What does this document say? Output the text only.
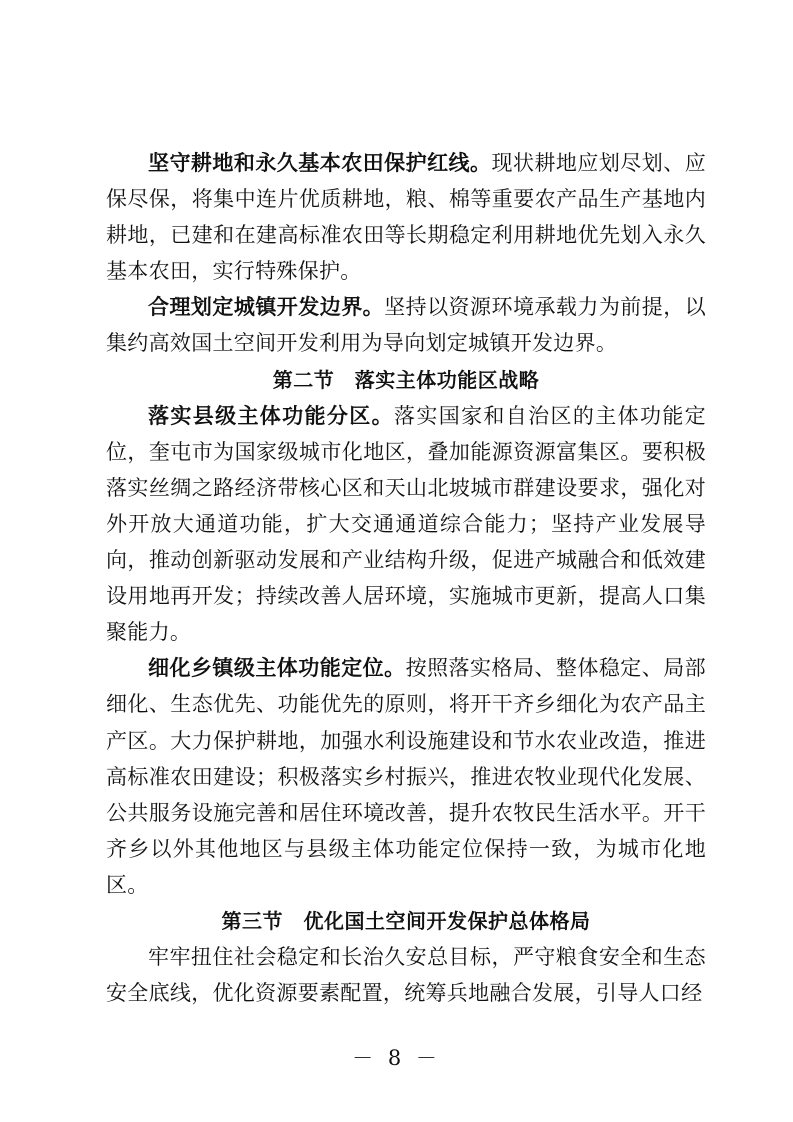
坚守耕地和永久基本农田保护红线。现状耕地应划尽划、应保尽保，将集中连片优质耕地，粮、棉等重要农产品生产基地内耕地，已建和在建高标准农田等长期稳定利用耕地优先划入永久基本农田，实行特殊保护。

合理划定城镇开发边界。坚持以资源环境承载力为前提，以集约高效国土空间开发利用为导向划定城镇开发边界。

第二节　落实主体功能区战略

落实县级主体功能分区。落实国家和自治区的主体功能定位，奎屯市为国家级城市化地区，叠加能源资源富集区。要积极落实丝绸之路经济带核心区和天山北坡城市群建设要求，强化对外开放大通道功能，扩大交通通道综合能力；坚持产业发展导向，推动创新驱动发展和产业结构升级，促进产城融合和低效建设用地再开发；持续改善人居环境，实施城市更新，提高人口集聚能力。

细化乡镇级主体功能定位。按照落实格局、整体稳定、局部细化、生态优先、功能优先的原则，将开干齐乡细化为农产品主产区。大力保护耕地，加强水利设施建设和节水农业改造，推进高标准农田建设；积极落实乡村振兴，推进农牧业现代化发展、公共服务设施完善和居住环境改善，提升农牧民生活水平。开干齐乡以外其他地区与县级主体功能定位保持一致，为城市化地区。

第三节　优化国土空间开发保护总体格局

牢牢扭住社会稳定和长治久安总目标，严守粮食安全和生态安全底线，优化资源要素配置，统筹兵地融合发展，引导人口经

－ 8 －
